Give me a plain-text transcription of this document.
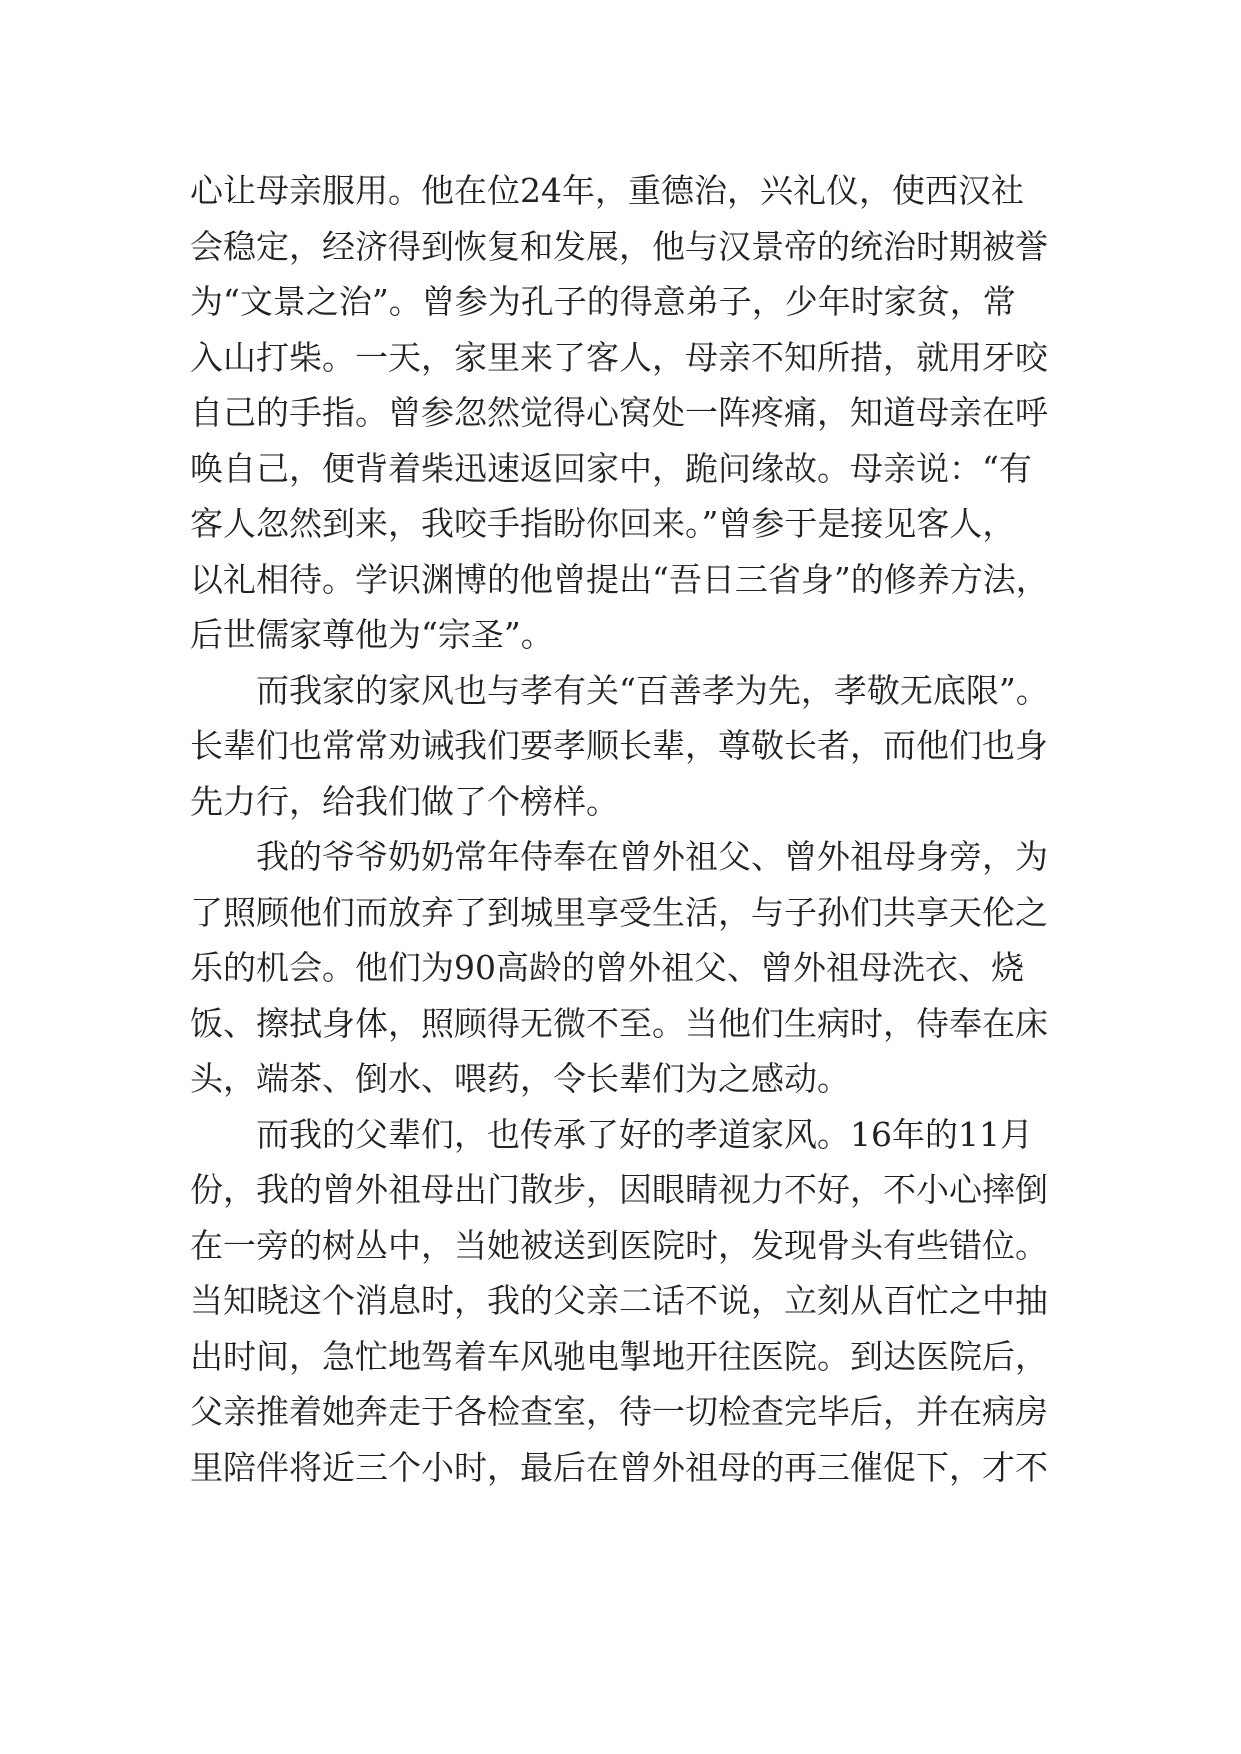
心让母亲服用。他在位24年，重德治，兴礼仪，使西汉社
会稳定，经济得到恢复和发展，他与汉景帝的统治时期被誉
为“文景之治”。曾参为孔子的得意弟子，少年时家贫，常
入山打柴。一天，家里来了客人，母亲不知所措，就用牙咬
自己的手指。曾参忽然觉得心窝处一阵疼痛，知道母亲在呼
唤自己，便背着柴迅速返回家中，跪问缘故。母亲说：“有
客人忽然到来，我咬手指盼你回来。”曾参于是接见客人，
以礼相待。学识渊博的他曾提出“吾日三省身”的修养方法，
后世儒家尊他为“宗圣”。
而我家的家风也与孝有关“百善孝为先，孝敬无底限”。
长辈们也常常劝诫我们要孝顺长辈，尊敬长者，而他们也身
先力行，给我们做了个榜样。
我的爷爷奶奶常年侍奉在曾外祖父、曾外祖母身旁，为
了照顾他们而放弃了到城里享受生活，与子孙们共享天伦之
乐的机会。他们为90高龄的曾外祖父、曾外祖母洗衣、烧
饭、擦拭身体，照顾得无微不至。当他们生病时，侍奉在床
头，端茶、倒水、喂药，令长辈们为之感动。
而我的父辈们，也传承了好的孝道家风。16年的11月
份，我的曾外祖母出门散步，因眼睛视力不好，不小心摔倒
在一旁的树丛中，当她被送到医院时，发现骨头有些错位。
当知晓这个消息时，我的父亲二话不说，立刻从百忙之中抽
出时间，急忙地驾着车风驰电掣地开往医院。到达医院后，
父亲推着她奔走于各检查室，待一切检查完毕后，并在病房
里陪伴将近三个小时，最后在曾外祖母的再三催促下，才不
